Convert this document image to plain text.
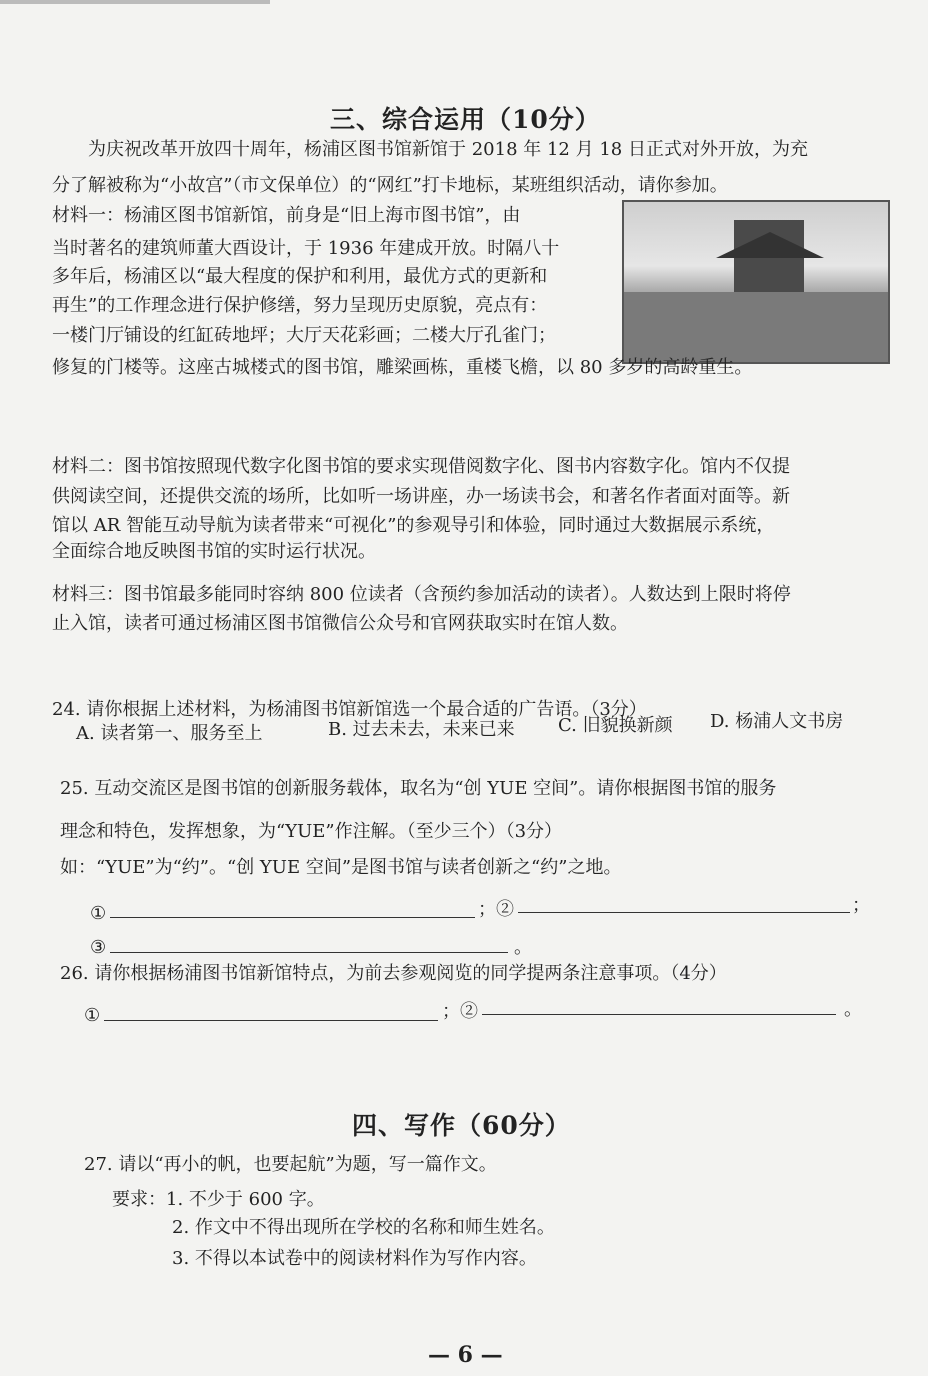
三、综合运用（10分）
为庆祝改革开放四十周年，杨浦区图书馆新馆于 2018 年 12 月 18 日正式对外开放，为充
分了解被称为“小故宫”（市文保单位）的“网红”打卡地标，某班组织活动，请你参加。
材料一：杨浦区图书馆新馆，前身是“旧上海市图书馆”，由
当时著名的建筑师董大酉设计，于 1936 年建成开放。时隔八十
多年后，杨浦区以“最大程度的保护和利用，最优方式的更新和
再生”的工作理念进行保护修缮，努力呈现历史原貌，亮点有：
一楼门厅铺设的红缸砖地坪；大厅天花彩画；二楼大厅孔雀门；
修复的门楼等。这座古城楼式的图书馆，雕梁画栋，重楼飞檐，以 80 多岁的高龄重生。
材料二：图书馆按照现代数字化图书馆的要求实现借阅数字化、图书内容数字化。馆内不仅提
供阅读空间，还提供交流的场所，比如听一场讲座，办一场读书会，和著名作者面对面等。新
馆以 AR 智能互动导航为读者带来“可视化”的参观导引和体验，同时通过大数据展示系统，
全面综合地反映图书馆的实时运行状况。
材料三：图书馆最多能同时容纳 800 位读者（含预约参加活动的读者）。人数达到上限时将停
止入馆，读者可通过杨浦区图书馆微信公众号和官网获取实时在馆人数。
24. 请你根据上述材料，为杨浦图书馆新馆选一个最合适的广告语。（3分）
A. 读者第一、服务至上	B. 过去未去，未来已来 C. 旧貌换新颜 D. 杨浦人文书房
25. 互动交流区是图书馆的创新服务载体，取名为“创 YUE 空间”。请你根据图书馆的服务
理念和特色，发挥想象，为“YUE”作注解。（至少三个）（3分）
如：“YUE”为“约”。“创 YUE 空间”是图书馆与读者创新之“约”之地。
①	；②	；
③	。
26. 请你根据杨浦图书馆新馆特点，为前去参观阅览的同学提两条注意事项。（4分）
①	；②	。
四、写作（60分）
27. 请以“再小的帆，也要起航”为题，写一篇作文。
要求：1. 不少于 600 字。
2. 作文中不得出现所在学校的名称和师生姓名。
3. 不得以本试卷中的阅读材料作为写作内容。
— 6 —
